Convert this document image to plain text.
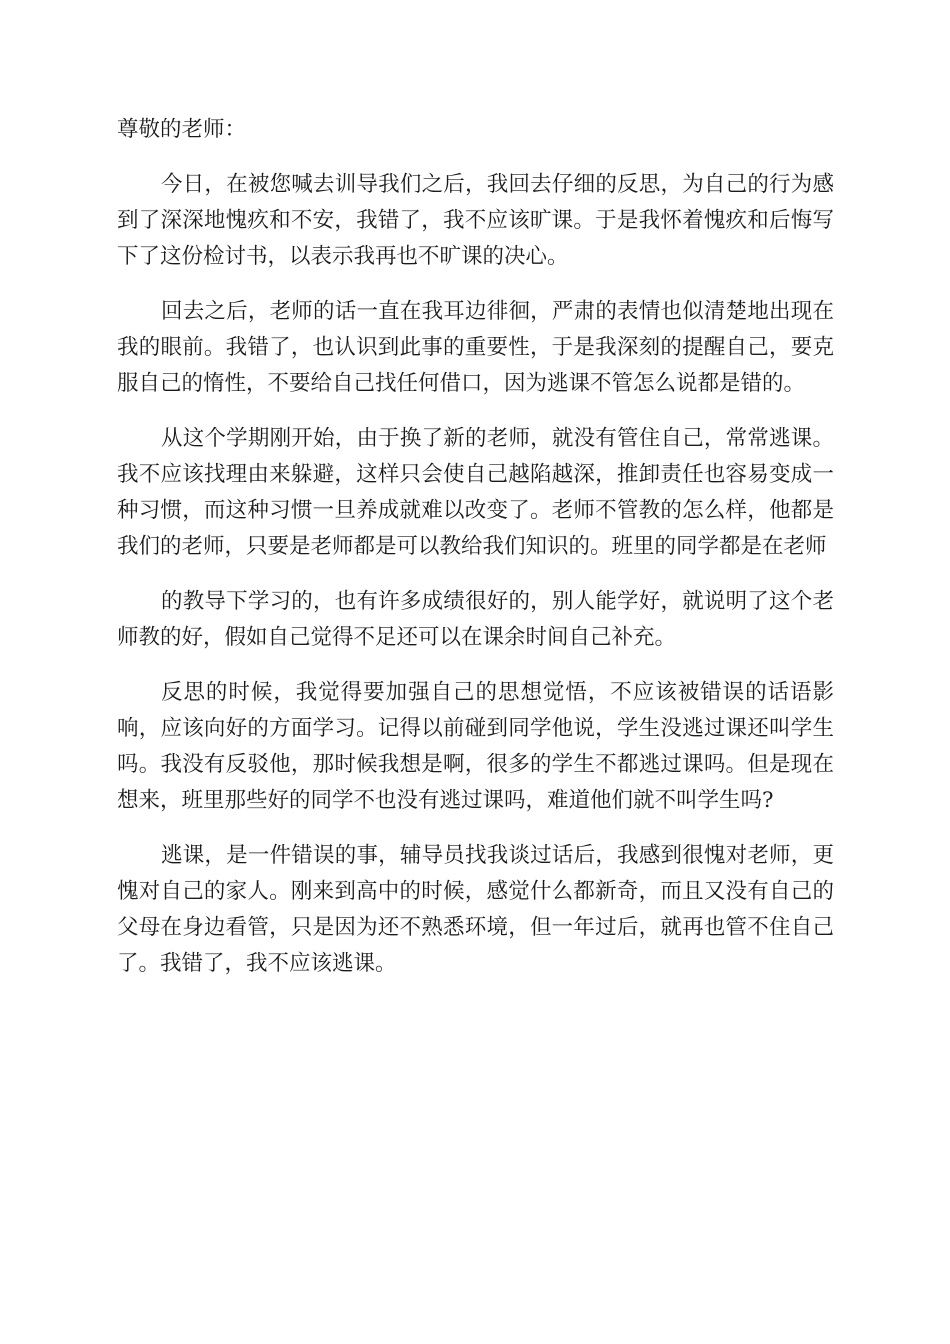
尊敬的老师：

今日，在被您喊去训导我们之后，我回去仔细的反思，为自己的行为感到了深深地愧疚和不安，我错了，我不应该旷课。于是我怀着愧疚和后悔写下了这份检讨书，以表示我再也不旷课的决心。

回去之后，老师的话一直在我耳边徘徊，严肃的表情也似清楚地出现在我的眼前。我错了，也认识到此事的重要性，于是我深刻的提醒自己，要克服自己的惰性，不要给自己找任何借口，因为逃课不管怎么说都是错的。

从这个学期刚开始，由于换了新的老师，就没有管住自己，常常逃课。我不应该找理由来躲避，这样只会使自己越陷越深，推卸责任也容易变成一种习惯，而这种习惯一旦养成就难以改变了。老师不管教的怎么样，他都是我们的老师，只要是老师都是可以教给我们知识的。班里的同学都是在老师

的教导下学习的，也有许多成绩很好的，别人能学好，就说明了这个老师教的好，假如自己觉得不足还可以在课余时间自己补充。

反思的时候，我觉得要加强自己的思想觉悟，不应该被错误的话语影响，应该向好的方面学习。记得以前碰到同学他说，学生没逃过课还叫学生吗。我没有反驳他，那时候我想是啊，很多的学生不都逃过课吗。但是现在想来，班里那些好的同学不也没有逃过课吗，难道他们就不叫学生吗?

逃课，是一件错误的事，辅导员找我谈过话后，我感到很愧对老师，更愧对自己的家人。刚来到高中的时候，感觉什么都新奇，而且又没有自己的父母在身边看管，只是因为还不熟悉环境，但一年过后，就再也管不住自己了。我错了，我不应该逃课。
